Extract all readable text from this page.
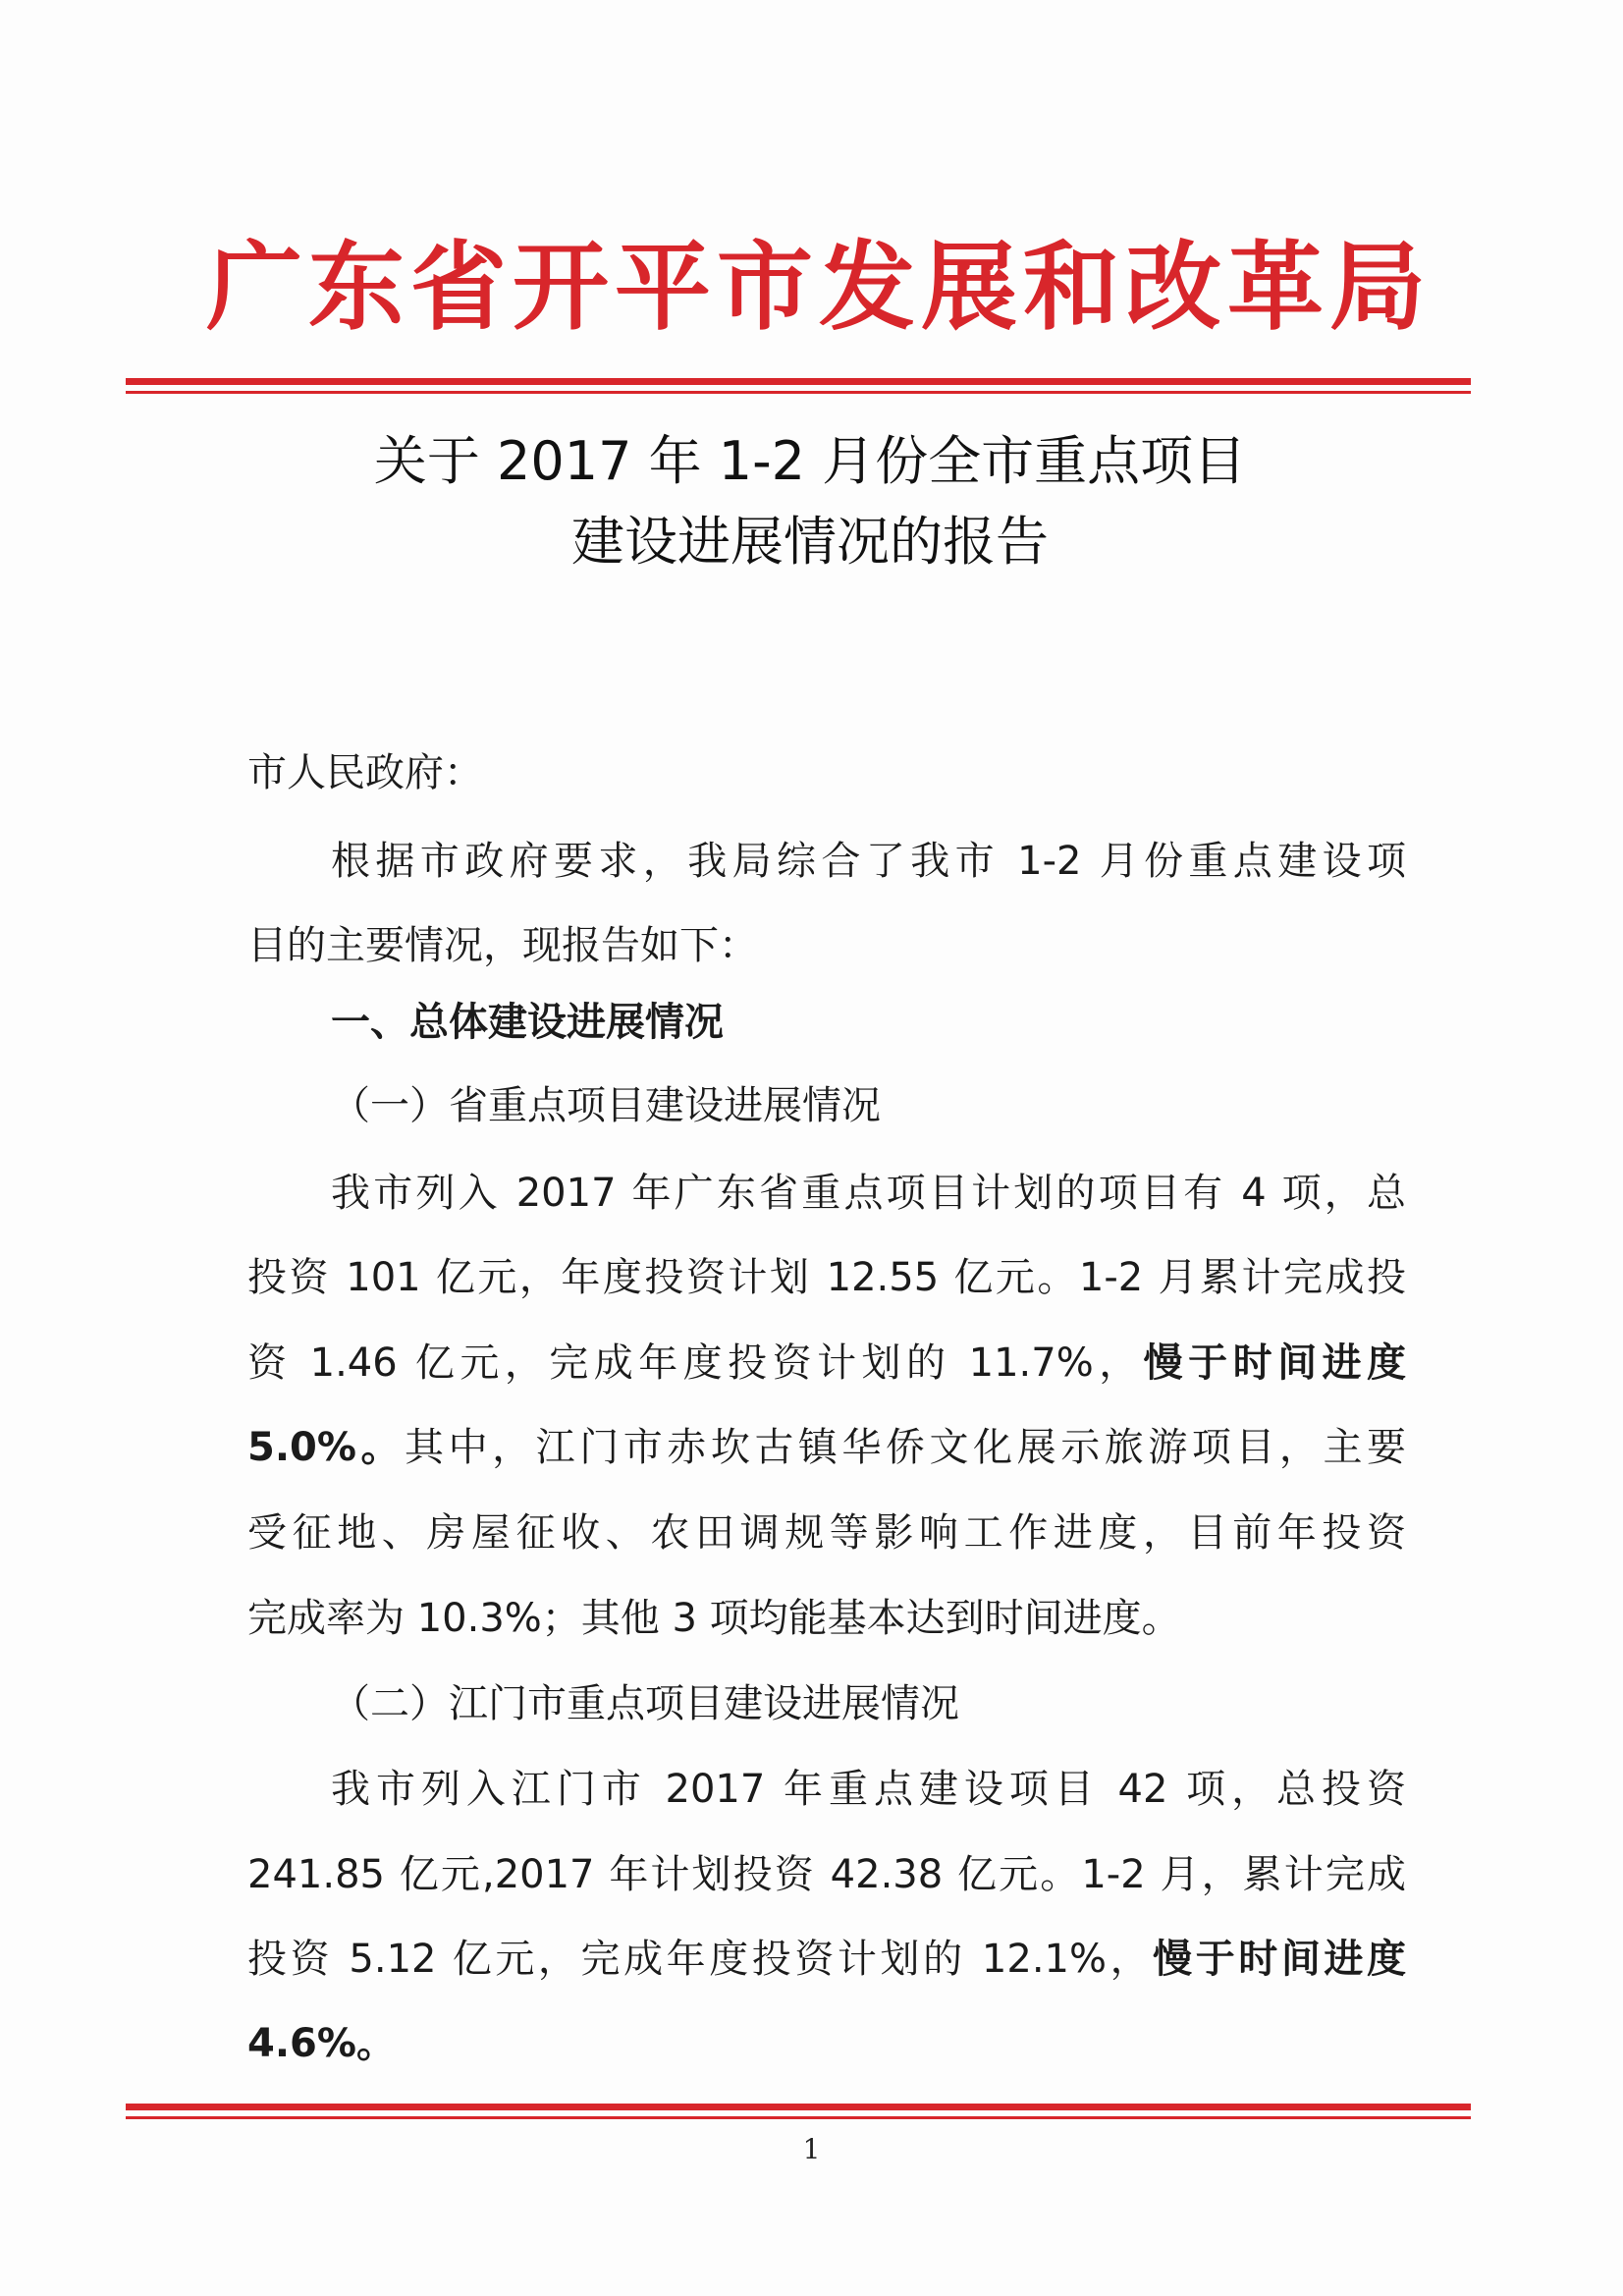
广东省开平市发展和改革局
关于 2017 年 1-2 月份全市重点项目
建设进展情况的报告
市人民政府：
根据市政府要求，我局综合了我市 1-2 月份重点建设项
目的主要情况，现报告如下：
一、总体建设进展情况
（一）省重点项目建设进展情况
我市列入 2017 年广东省重点项目计划的项目有 4 项，总
投资 101 亿元，年度投资计划 12.55 亿元。1-2 月累计完成投
资 1.46 亿元，完成年度投资计划的 11.7%，慢于时间进度
5.0%。其中，江门市赤坎古镇华侨文化展示旅游项目，主要
受征地、房屋征收、农田调规等影响工作进度，目前年投资
完成率为 10.3%；其他 3 项均能基本达到时间进度。
（二）江门市重点项目建设进展情况
我市列入江门市 2017 年重点建设项目 42 项，总投资
241.85 亿元,2017 年计划投资 42.38 亿元。1-2 月，累计完成
投资 5.12 亿元，完成年度投资计划的 12.1%，慢于时间进度
4.6%。
1
